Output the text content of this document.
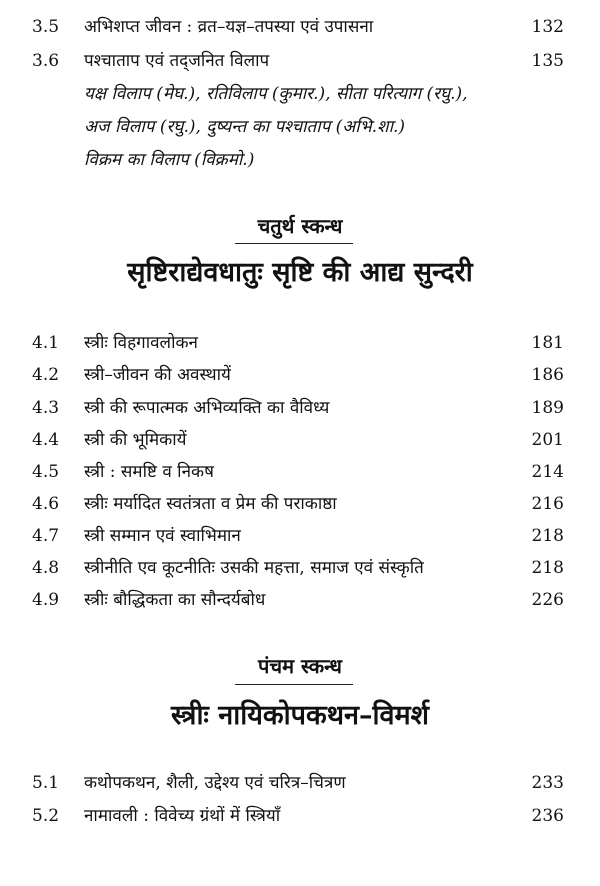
3.5 अभिशप्त जीवन : व्रत–यज्ञ–तपस्या एवं उपासना	132
3.6 पश्चाताप एवं तद्जनित विलाप	135
यक्ष विलाप (मेघ.), रतिविलाप (कुमार.), सीता परित्याग (रघु.),
अज विलाप (रघु.), दुष्यन्त का पश्चाताप (अभि.शा.)
विक्रम का विलाप (विक्रमो.)
चतुर्थ स्कन्ध
सृष्टिराद्येवधातुः सृष्टि की आद्य सुन्दरी
4.1 स्त्रीः विहगावलोकन	181
4.2 स्त्री–जीवन की अवस्थायें	186
4.3 स्त्री की रूपात्मक अभिव्यक्ति का वैविध्य	189
4.4 स्त्री की भूमिकायें	201
4.5 स्त्री : समष्टि व निकष	214
4.6 स्त्रीः मर्यादित स्वतंत्रता व प्रेम की पराकाष्ठा	216
4.7 स्त्री सम्मान एवं स्वाभिमान	218
4.8 स्त्रीनीति एव कूटनीतिः उसकी महत्ता, समाज एवं संस्कृति	218
4.9 स्त्रीः बौद्धिकता का सौन्दर्यबोध	226
पंचम स्कन्ध
स्त्रीः नायिकोपकथन–विमर्श
5.1 कथोपकथन, शैली, उद्देश्य एवं चरित्र–चित्रण	233
5.2 नामावली : विवेच्य ग्रंथों में स्त्रियाँ	236
